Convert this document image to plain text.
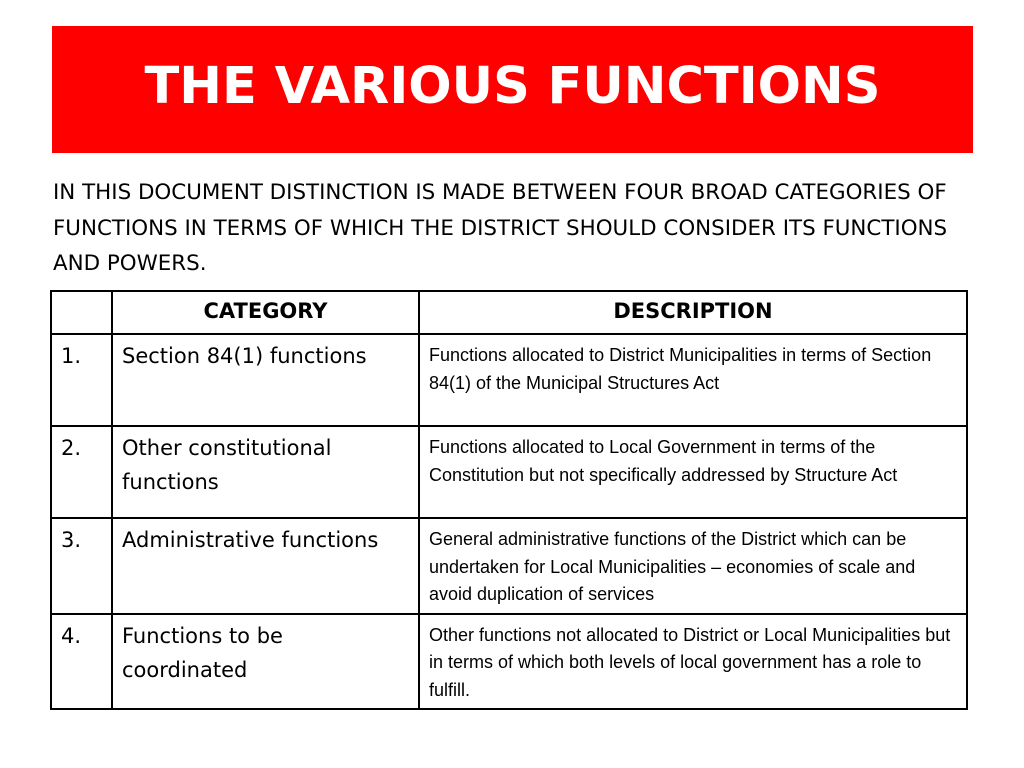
THE VARIOUS FUNCTIONS

IN THIS DOCUMENT DISTINCTION IS MADE BETWEEN FOUR BROAD CATEGORIES OF FUNCTIONS IN TERMS OF WHICH THE DISTRICT SHOULD CONSIDER ITS FUNCTIONS AND POWERS.

	CATEGORY	DESCRIPTION
1.	Section 84(1) functions	Functions allocated to District Municipalities in terms of Section 84(1) of the Municipal Structures Act
2.	Other constitutional functions	Functions allocated to Local Government in terms of the Constitution but not specifically addressed by Structure Act
3.	Administrative functions	General administrative functions of the District which can be undertaken for Local Municipalities – economies of scale and avoid duplication of services
4.	Functions to be coordinated	Other functions not allocated to District or Local Municipalities but in terms of which both levels of local government has a role to fulfill.
